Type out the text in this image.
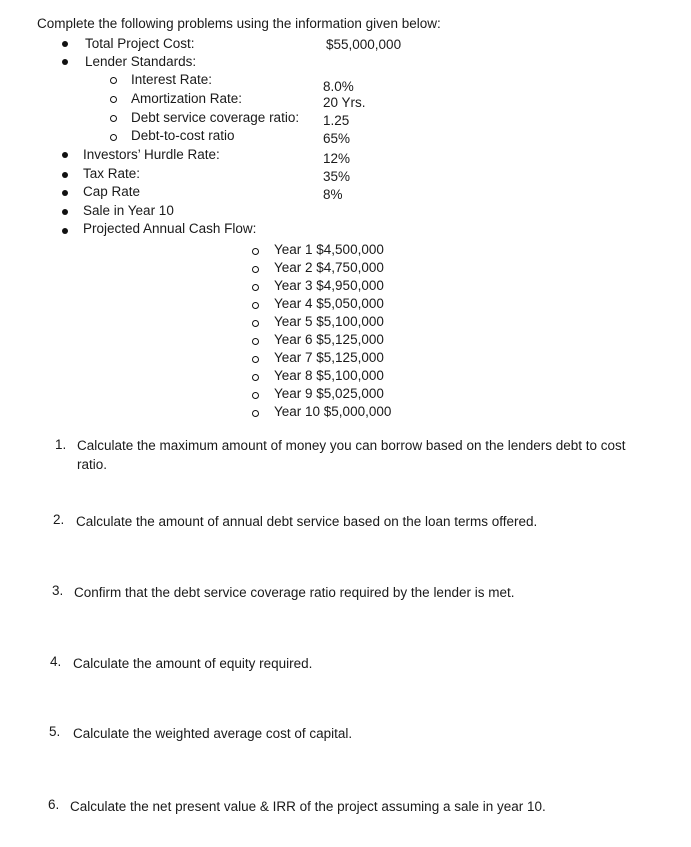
Complete the following problems using the information given below:
Total Project Cost:	$55,000,000
Lender Standards:
Interest Rate:	8.0%
Amortization Rate:	20 Yrs.
Debt service coverage ratio: 1.25
Debt-to-cost ratio	65%
Investors’ Hurdle Rate:	12%
Tax Rate:	35%
Cap Rate	8%
Sale in Year 10
Projected Annual Cash Flow:
Year 1 $4,500,000
Year 2 $4,750,000
Year 3 $4,950,000
Year 4 $5,050,000
Year 5 $5,100,000
Year 6 $5,125,000
Year 7 $5,125,000
Year 8 $5,100,000
Year 9 $5,025,000
Year 10 $5,000,000
1. Calculate the maximum amount of money you can borrow based on the lenders debt to cost
ratio.
2. Calculate the amount of annual debt service based on the loan terms offered.
3. Confirm that the debt service coverage ratio required by the lender is met.
4. Calculate the amount of equity required.
5. Calculate the weighted average cost of capital.
6. Calculate the net present value & IRR of the project assuming a sale in year 10.
